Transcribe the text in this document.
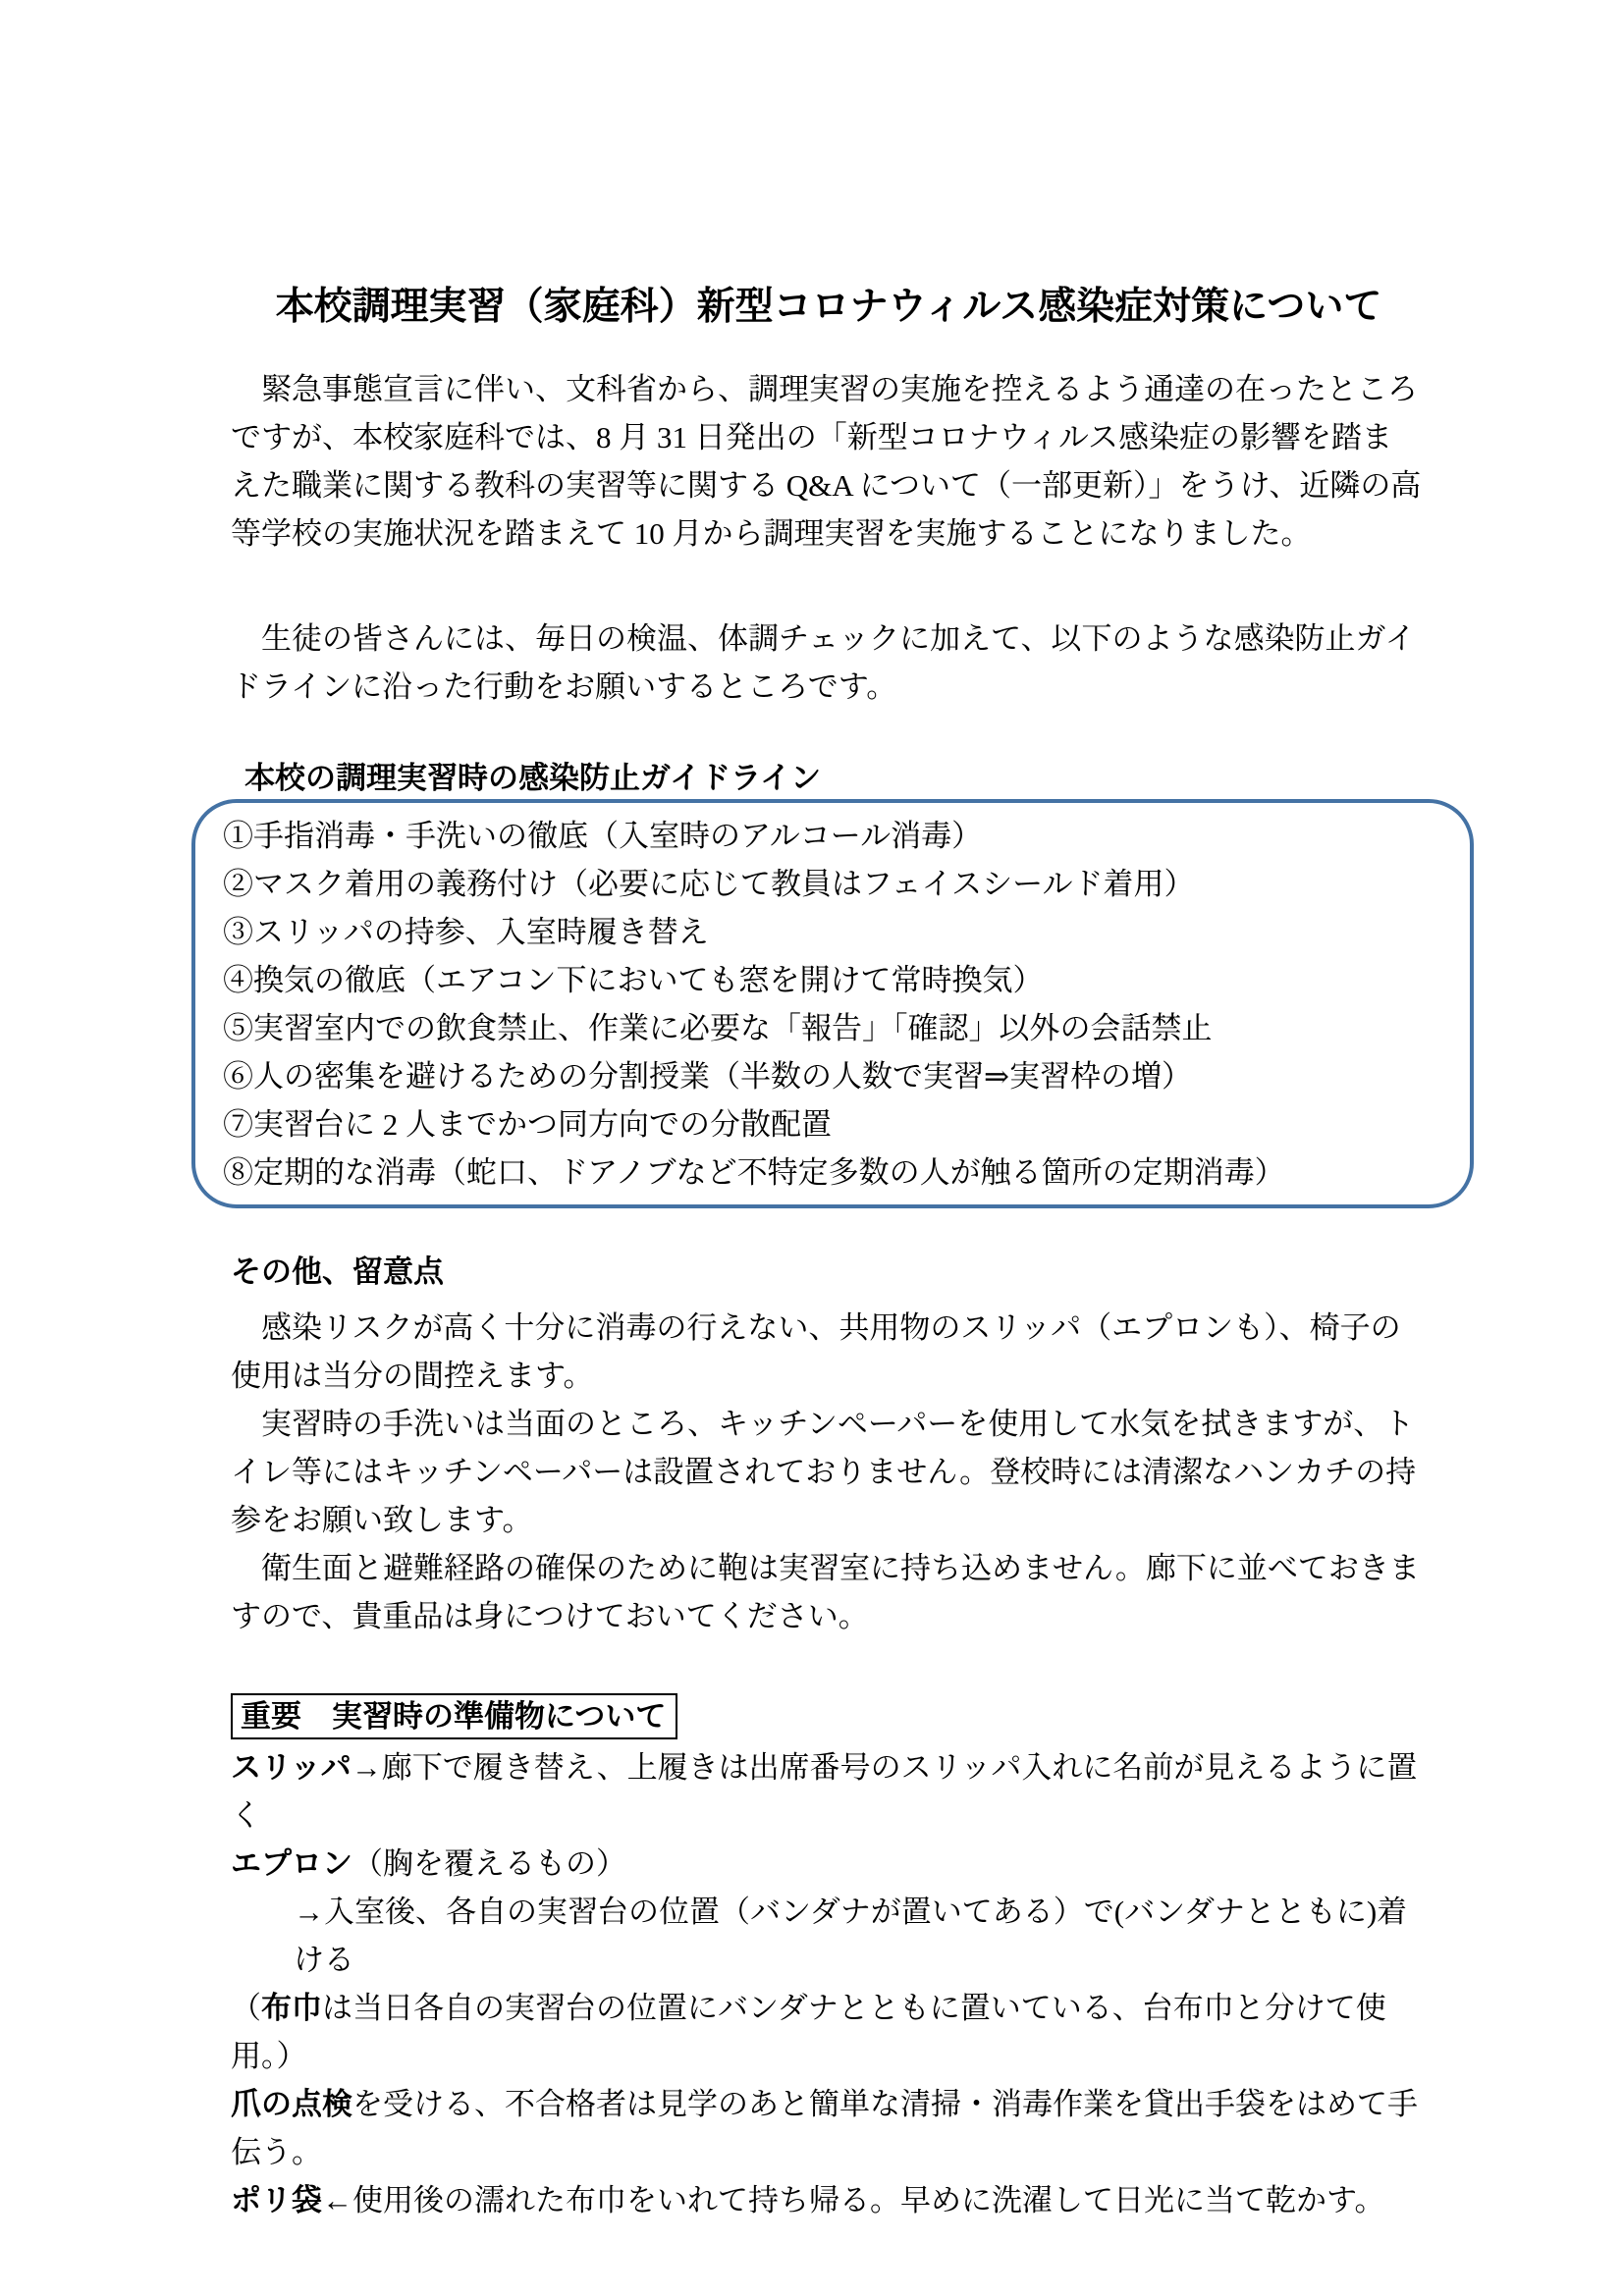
本校調理実習（家庭科）新型コロナウィルス感染症対策について
緊急事態宣言に伴い、文科省から、調理実習の実施を控えるよう通達の在ったところ
ですが、本校家庭科では、8 月 31 日発出の「新型コロナウィルス感染症の影響を踏ま
えた職業に関する教科の実習等に関する Q&A について（一部更新）」をうけ、近隣の高
等学校の実施状況を踏まえて 10 月から調理実習を実施することになりました。
生徒の皆さんには、毎日の検温、体調チェックに加えて、以下のような感染防止ガイ
ドラインに沿った行動をお願いするところです。
本校の調理実習時の感染防止ガイドライン
①手指消毒・手洗いの徹底（入室時のアルコール消毒）
②マスク着用の義務付け（必要に応じて教員はフェイスシールド着用）
③スリッパの持参、入室時履き替え
④換気の徹底（エアコン下においても窓を開けて常時換気）
⑤実習室内での飲食禁止、作業に必要な「報告」「確認」以外の会話禁止
⑥人の密集を避けるための分割授業（半数の人数で実習⇒実習枠の増）
⑦実習台に 2 人までかつ同方向での分散配置
⑧定期的な消毒（蛇口、ドアノブなど不特定多数の人が触る箇所の定期消毒）
その他、留意点
感染リスクが高く十分に消毒の行えない、共用物のスリッパ（エプロンも）、椅子の
使用は当分の間控えます。
実習時の手洗いは当面のところ、キッチンペーパーを使用して水気を拭きますが、ト
イレ等にはキッチンペーパーは設置されておりません。登校時には清潔なハンカチの持
参をお願い致します。
衛生面と避難経路の確保のために鞄は実習室に持ち込めません。廊下に並べておきま
すので、貴重品は身につけておいてください。
重要　実習時の準備物について
スリッパ→廊下で履き替え、上履きは出席番号のスリッパ入れに名前が見えるように置く
エプロン（胸を覆えるもの）
→入室後、各自の実習台の位置（バンダナが置いてある）で(バンダナとともに)着ける
（布巾は当日各自の実習台の位置にバンダナとともに置いている、台布巾と分けて使用。）
爪の点検を受ける、不合格者は見学のあと簡単な清掃・消毒作業を貸出手袋をはめて手伝う。
ポリ袋←使用後の濡れた布巾をいれて持ち帰る。早めに洗濯して日光に当て乾かす。
